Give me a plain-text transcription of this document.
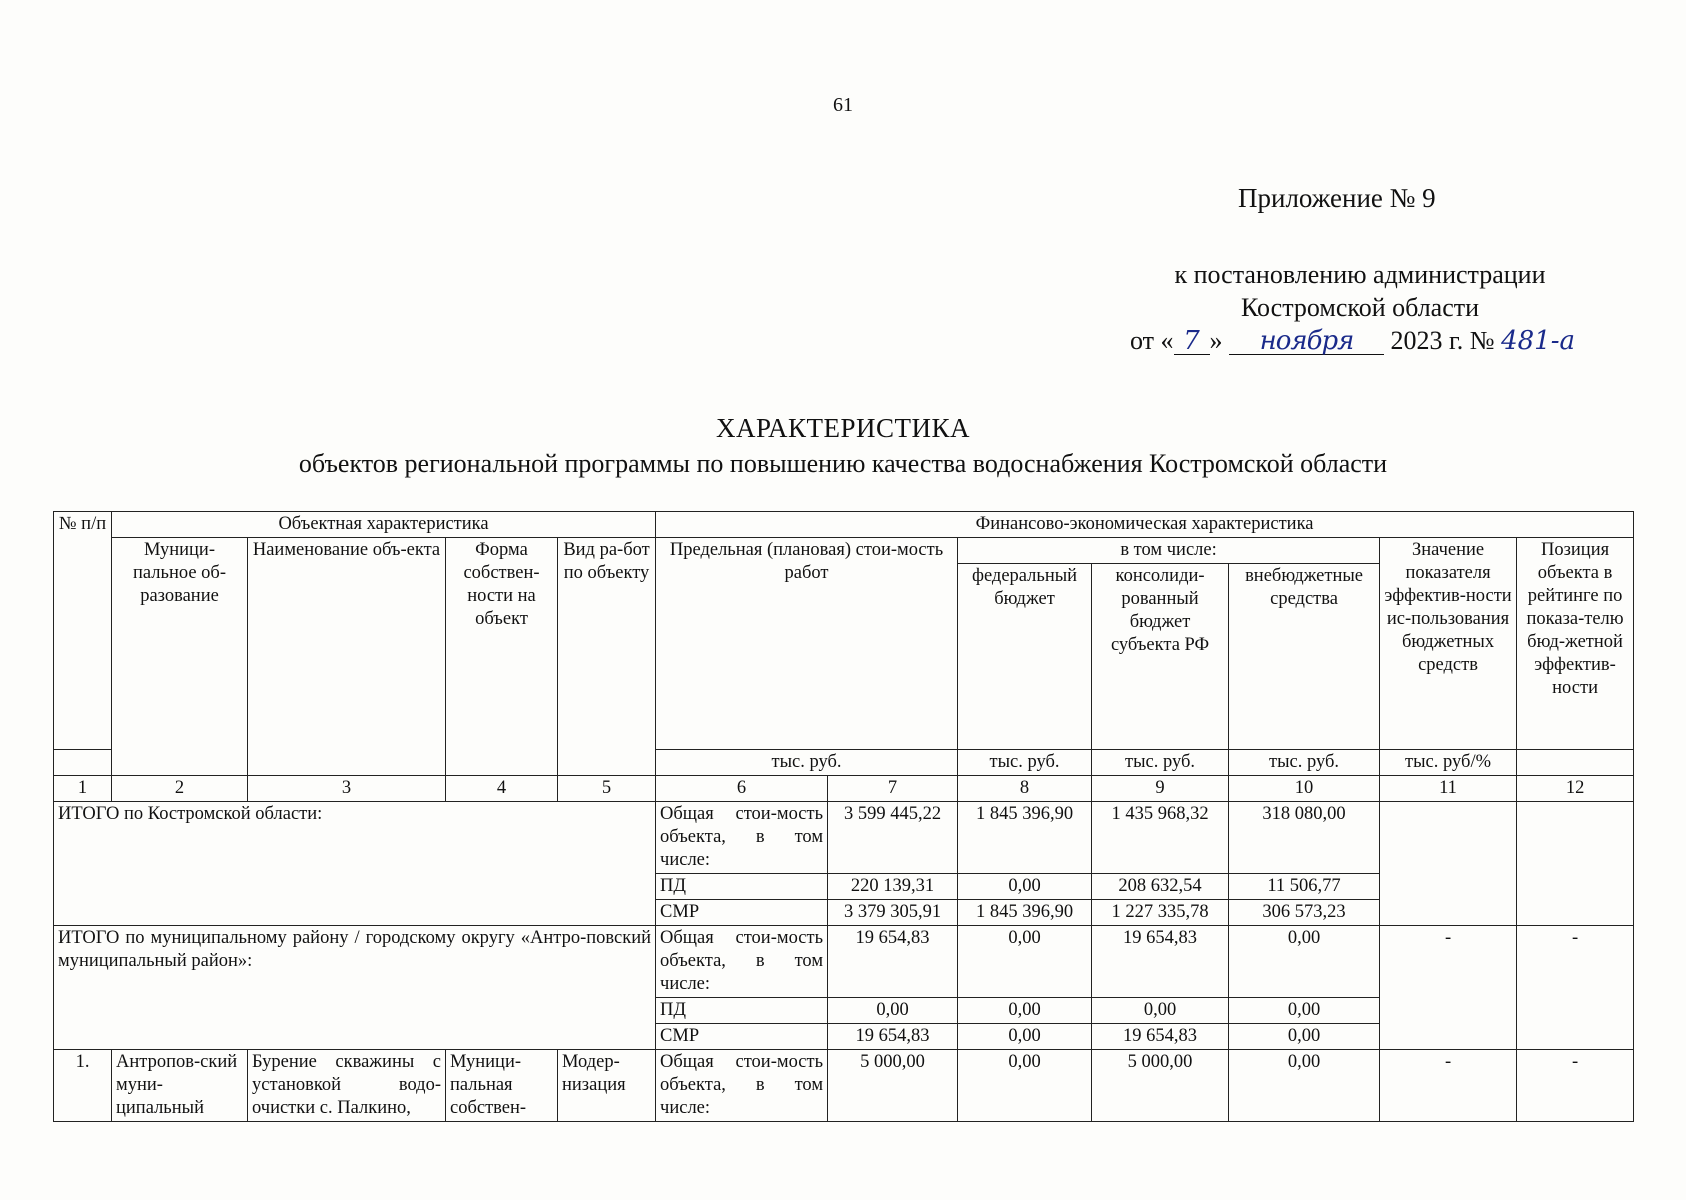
61
Приложение № 9
к постановлению администрации
Костромской области
от « 7 » ноября 2023 г. № 481-а
ХАРАКТЕРИСТИКА
объектов региональной программы по повышению качества водоснабжения Костромской области
№ п/п	Объектная характеристика				Финансово-экономическая характеристика						
	Муници-пальное об-разование	Наименование объ-екта	Форма собствен-ности на объект	Вид ра-бот по объекту	Предельная (плановая) стои-мость работ		в том числе:			Значение показателя эффектив-ности ис-пользования бюджетных средств	Позиция объекта в рейтинге по показа-телю бюд-жетной эффектив-ности
							федеральный бюджет	консолиди-рованный бюджет субъекта РФ	внебюджетные средства		
					тыс. руб.		тыс. руб.	тыс. руб.	тыс. руб.	тыс. руб/%	
1	2	3	4	5	6	7	8	9	10	11	12
ИТОГО по Костромской области:					Общая стои-мость объекта, в том числе:	3 599 445,22	1 845 396,90	1 435 968,32	318 080,00		
					ПД	220 139,31	0,00	208 632,54	11 506,77		
					СМР	3 379 305,91	1 845 396,90	1 227 335,78	306 573,23		
ИТОГО по муниципальному району / городскому округу «Антро-повский муниципальный район»:					Общая стои-мость объекта, в том числе:	19 654,83	0,00	19 654,83	0,00	-	-
					ПД	0,00	0,00	0,00	0,00		
					СМР	19 654,83	0,00	19 654,83	0,00		
1.	Антропов-ский муни-ципальный	Бурение скважины с установкой водо-очистки с. Палкино,	Муници-пальная собствен-	Модер-низация	Общая стои-мость объекта, в том числе:	5 000,00	0,00	5 000,00	0,00	-	-
